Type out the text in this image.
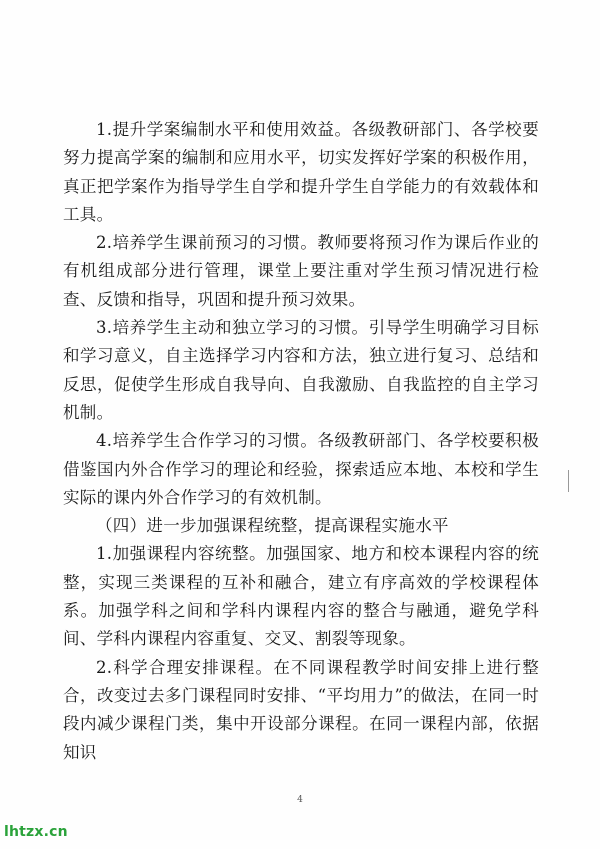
1.提升学案编制水平和使用效益。各级教研部门、各学校要努力提高学案的编制和应用水平，切实发挥好学案的积极作用，真正把学案作为指导学生自学和提升学生自学能力的有效载体和工具。

2.培养学生课前预习的习惯。教师要将预习作为课后作业的有机组成部分进行管理，课堂上要注重对学生预习情况进行检查、反馈和指导，巩固和提升预习效果。

3.培养学生主动和独立学习的习惯。引导学生明确学习目标和学习意义，自主选择学习内容和方法，独立进行复习、总结和反思，促使学生形成自我导向、自我激励、自我监控的自主学习机制。

4.培养学生合作学习的习惯。各级教研部门、各学校要积极借鉴国内外合作学习的理论和经验，探索适应本地、本校和学生实际的课内外合作学习的有效机制。

（四）进一步加强课程统整，提高课程实施水平

1.加强课程内容统整。加强国家、地方和校本课程内容的统整，实现三类课程的互补和融合，建立有序高效的学校课程体系。加强学科之间和学科内课程内容的整合与融通，避免学科间、学科内课程内容重复、交叉、割裂等现象。

2.科学合理安排课程。在不同课程教学时间安排上进行整合，改变过去多门课程同时安排、“平均用力”的做法，在同一时段内减少课程门类，集中开设部分课程。在同一课程内部，依据知识

4
lhtzx.cn
